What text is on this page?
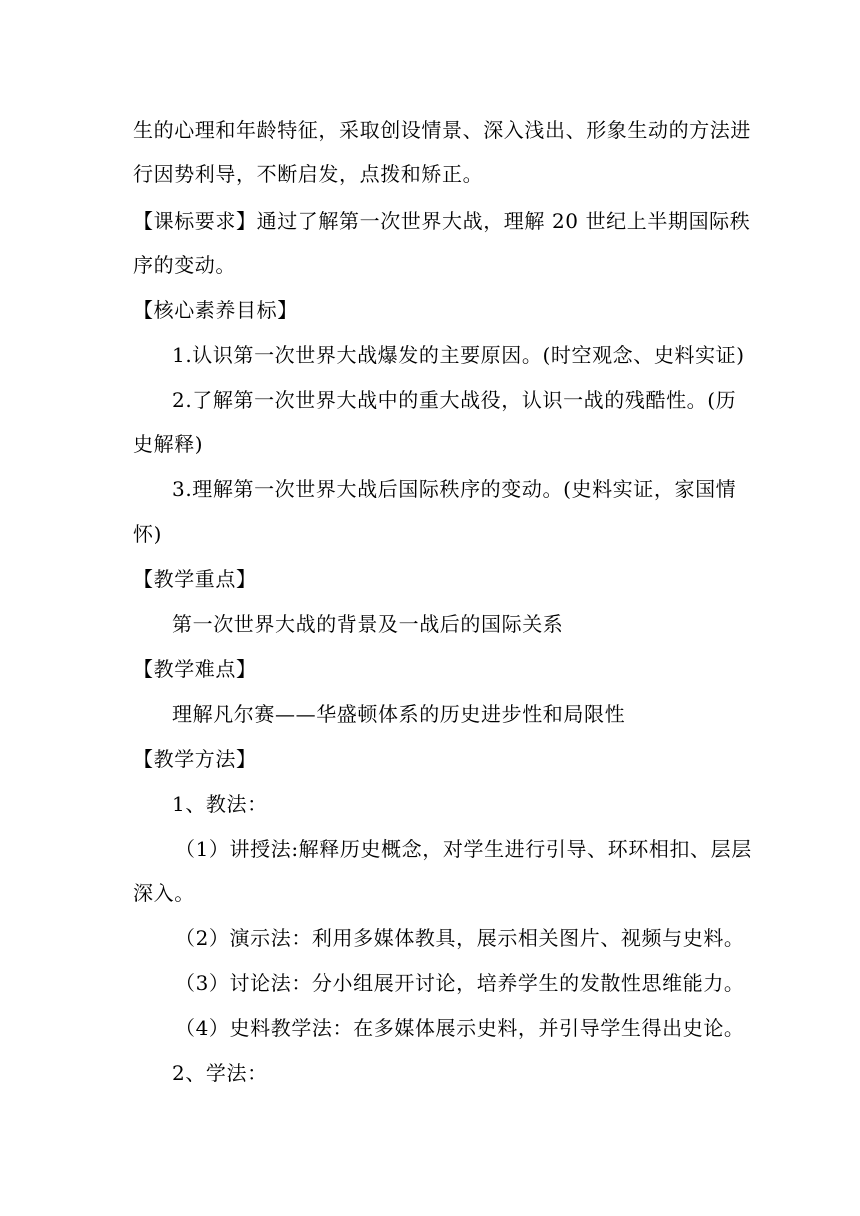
生的心理和年龄特征，采取创设情景、深入浅出、形象生动的方法进
行因势利导，不断启发，点拨和矫正。
【课标要求】通过了解第一次世界大战，理解 20 世纪上半期国际秩
序的变动。
【核心素养目标】
1.认识第一次世界大战爆发的主要原因。(时空观念、史料实证)
2.了解第一次世界大战中的重大战役，认识一战的残酷性。(历
史解释)
3.理解第一次世界大战后国际秩序的变动。(史料实证，家国情
怀)
【教学重点】
第一次世界大战的背景及一战后的国际关系
【教学难点】
理解凡尔赛——华盛顿体系的历史进步性和局限性
【教学方法】
1、教法：
（1）讲授法:解释历史概念，对学生进行引导、环环相扣、层层
深入。
（2）演示法：利用多媒体教具，展示相关图片、视频与史料。
（3）讨论法：分小组展开讨论，培养学生的发散性思维能力。
（4）史料教学法：在多媒体展示史料，并引导学生得出史论。
2、学法：
